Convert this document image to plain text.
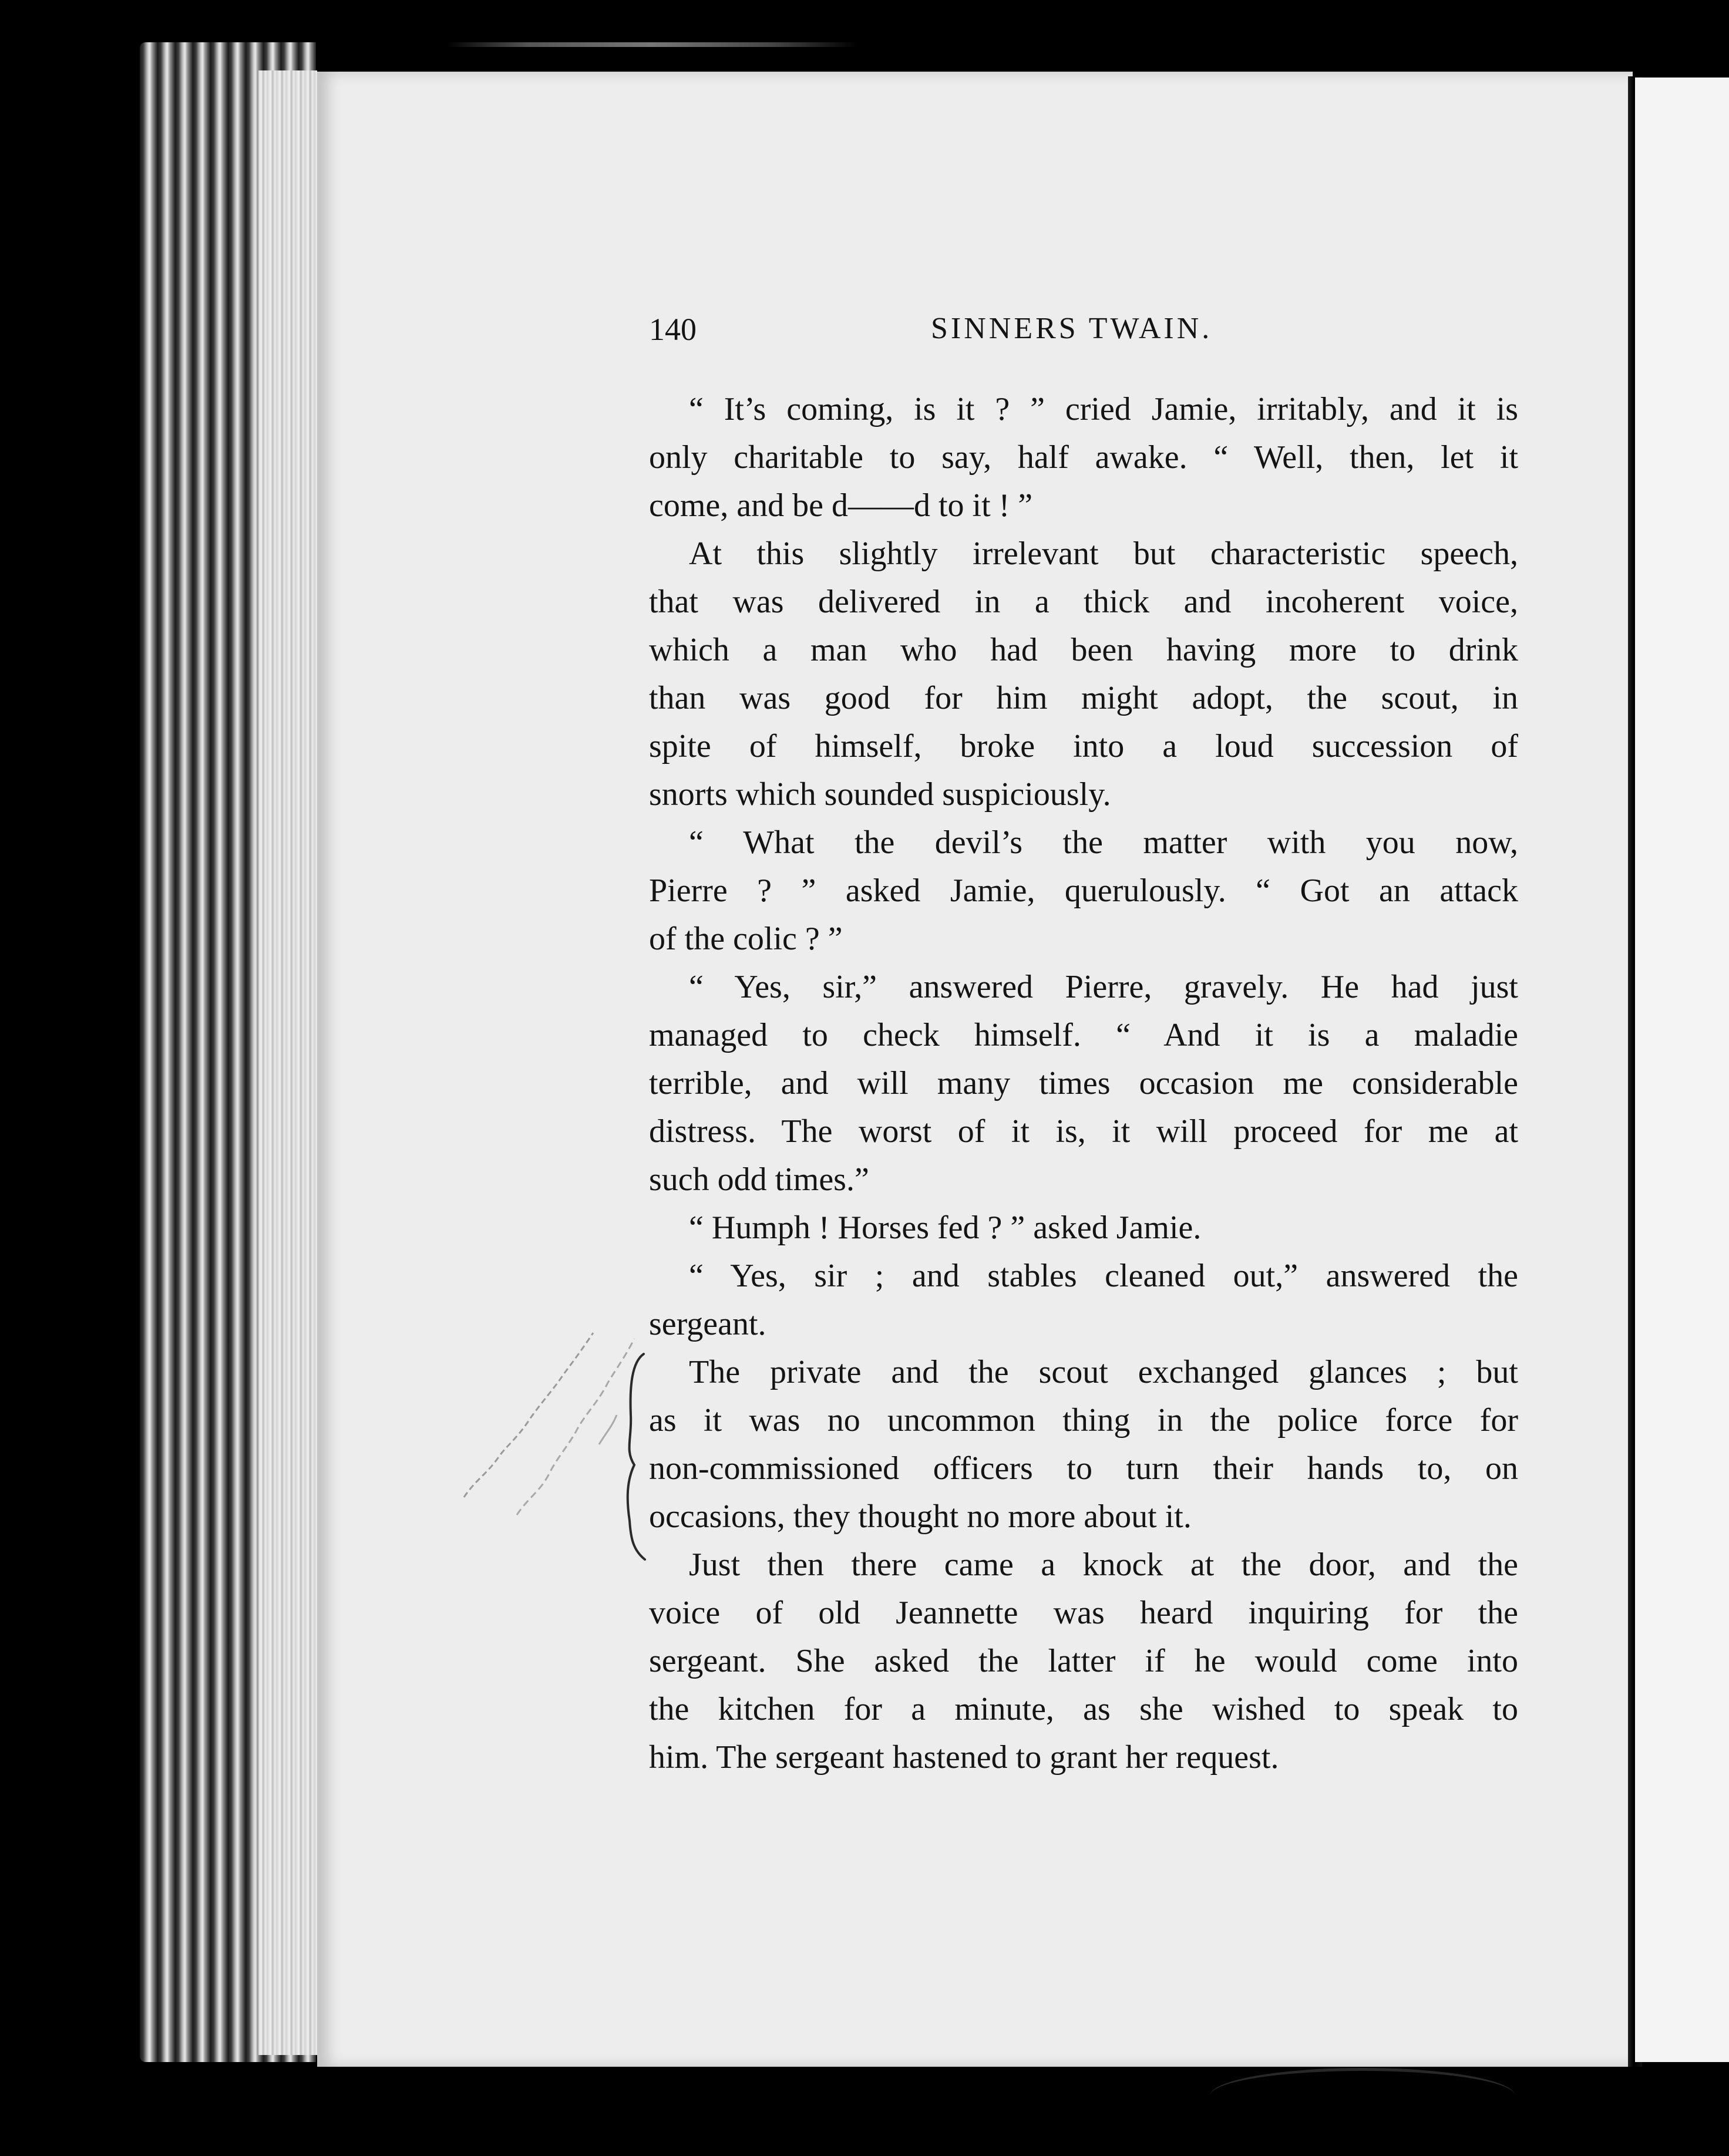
140	SINNERS TWAIN.
“ It’s coming, is it ? ” cried Jamie, irritably, and it is
only charitable to say, half awake. “ Well, then, let it
come, and be d——d to it ! ”
At this slightly irrelevant but characteristic speech,
that was delivered in a thick and incoherent voice,
which a man who had been having more to drink
than was good for him might adopt, the scout, in
spite of himself, broke into a loud succession of
snorts which sounded suspiciously.
“ What the devil’s the matter with you now,
Pierre ? ” asked Jamie, querulously. “ Got an attack
of the colic ? ”
“ Yes, sir,” answered Pierre, gravely. He had just
managed to check himself. “ And it is a maladie
terrible, and will many times occasion me considerable
distress. The worst of it is, it will proceed for me at
such odd times.”
“ Humph ! Horses fed ? ” asked Jamie.
“ Yes, sir ; and stables cleaned out,” answered the
sergeant.
The private and the scout exchanged glances ; but
as it was no uncommon thing in the police force for
non-commissioned officers to turn their hands to, on
occasions, they thought no more about it.
Just then there came a knock at the door, and the
voice of old Jeannette was heard inquiring for the
sergeant. She asked the latter if he would come into
the kitchen for a minute, as she wished to speak to
him. The sergeant hastened to grant her request.
